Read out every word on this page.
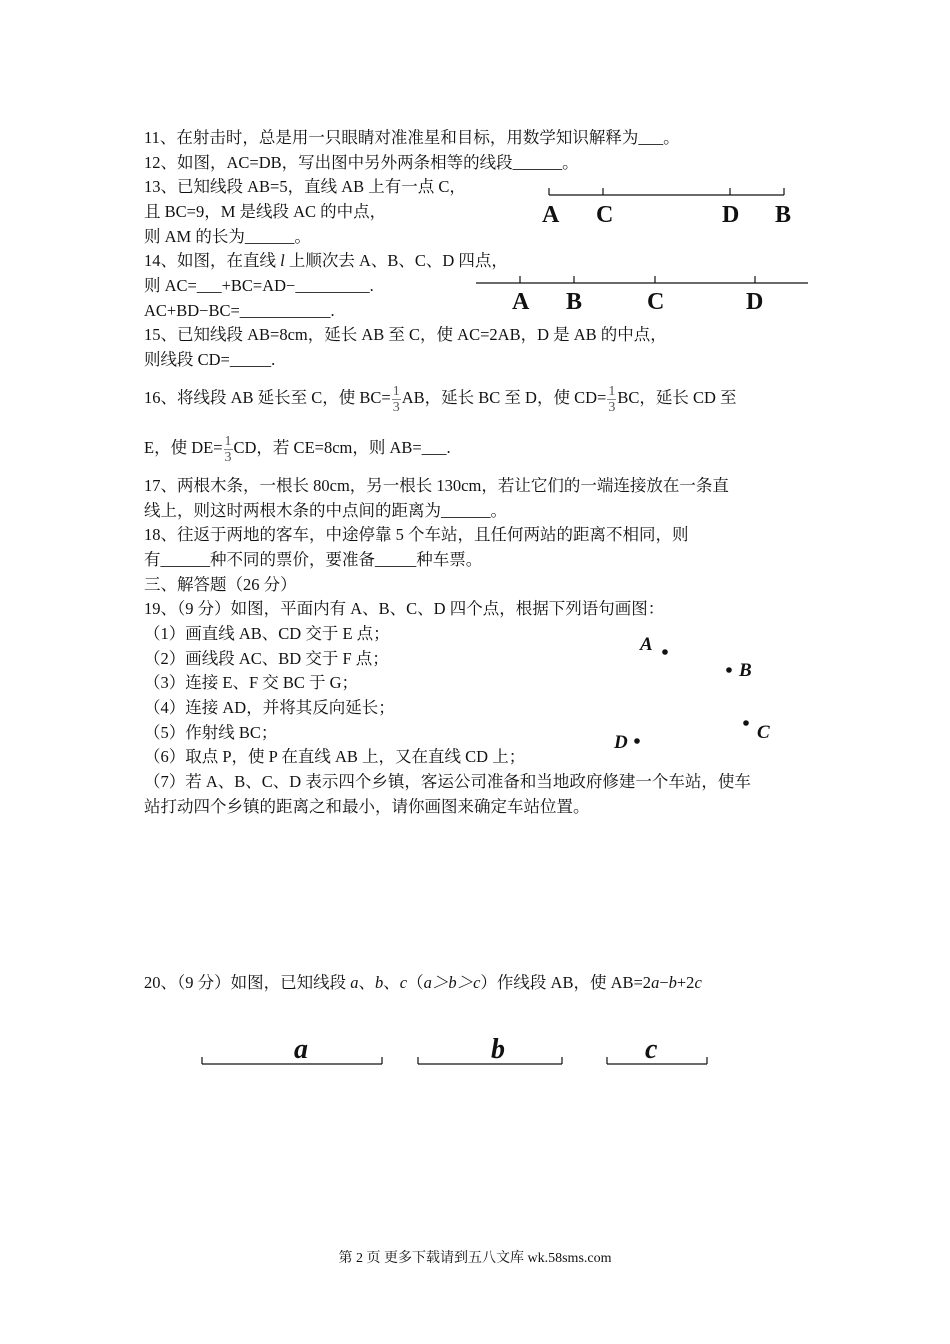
11、在射击时，总是用一只眼睛对准准星和目标，用数学知识解释为___。
12、如图，AC=DB，写出图中另外两条相等的线段______。
13、已知线段 AB=5，直线 AB 上有一点 C，
且 BC=9，M 是线段 AC 的中点，
则 AM 的长为______。
14、如图，在直线 l 上顺次去 A、B、C、D 四点，
则 AC=___+BC=AD−_________.
AC+BD−BC=___________.
15、已知线段 AB=8cm，延长 AB 至 C，使 AC=2AB，D 是 AB 的中点，
则线段 CD=_____.
16、将线段 AB 延长至 C，使 $BC= \frac{1}{3}$ AB，延长 BC 至 D，使 $CD= \frac{1}{3}$ BC，延长 CD 至
E，使 $DE= \frac{1}{3}$ CD，若 CE=8cm，则 AB=___.
17、两根木条，一根长 80cm，另一根长 130cm，若让它们的一端连接放在一条直
线上，则这时两根木条的中点间的距离为______。
18、往返于两地的客车，中途停靠 5 个车站，且任何两站的距离不相同，则
有______种不同的票价，要准备_____种车票。
三、解答题（26 分）
19、（9 分）如图，平面内有 A、B、C、D 四个点，根据下列语句画图：
（1）画直线 AB、CD 交于 E 点；
（2）画线段 AC、BD 交于 F 点；
（3）连接 E、F 交 BC 于 G；
（4）连接 AD，并将其反向延长；
（5）作射线 BC；
（6）取点 P，使 P 在直线 AB 上，又在直线 CD 上；
（7）若 A、B、C、D 表示四个乡镇，客运公司准备和当地政府修建一个车站，使车
站打动四个乡镇的距离之和最小，请你画图来确定车站位置。
20、（9 分）如图，已知线段 a、b、c（a＞b＞c）作线段 AB，使 AB=2a−b+2c
A C	D B
A B	C	D
A
B
C
D
a	b	c
第 2 页 更多下载请到五八文库 wk.58sms.com
